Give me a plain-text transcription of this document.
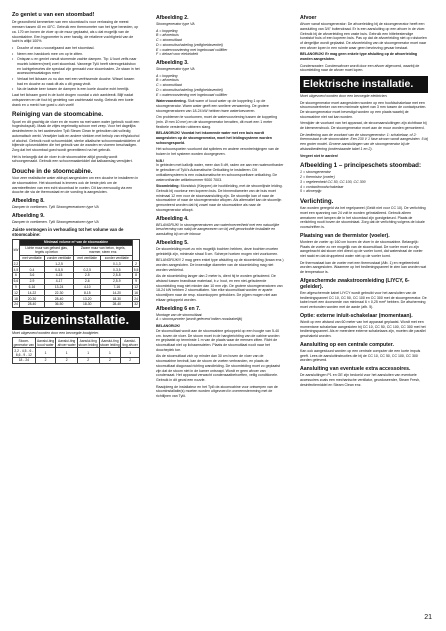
Zo geniet u van een stoombad!

De gezondheid kenmerken van een stoombad is voor verlossing de meest mensen tussen 40 en 40°C. Gebruik een thermometer van het type beneden, op ca. 170 cm boven de vloer op de muur geplaatst, als u dat mogelijk van de stoomkabine. Een hygrometer is zeer handig, de relatieve vochtigheid van de lucht is altijd 100%.

• Douche of was u voorafgaand aan het stoombad.
• Neem een handdoek mee om op te zitten.
• Ontspan u en geniet vanuit stomende zachte dampen. Tip: U kunt zelfs naar muziek luisteren(met) zoet stoombad. Vanwege Tylö heeft stereogeluidsbox en luchtgebeurtes die speciaal zijn gemaakt voor stoombaden. Ze staan in het accessoirescatalogus mee!
• Verlaat het lichaam zo nu dan met een verfrissende douche. Wissel tussen bad en douche zo vaak dit als u dit graag vindt.
• Na de laatste keer tussen de dampen is een koele douche echt heerlijk.

Laat het lichaam goed in de lucht drogen voordat u zich aankleedt. Blijf nadat ontspannen en de fout bij genieting van zachtmaakt rustig. Gebruik een koele drank en u merkt hoe goed u zich voelt!

Reiniging van de stoomcabine.

Spoel en dit grachtig de vloer en de muren na met warm water (gebruik nooit een hogedrukspuit). Maak de zitjes regelmatig schoon met zeep. Voor het dagelijks desinfecteren is het aanbevolen Tylö Steam Clean te gebruiken dat volledig automatisch werkt. Verwijder kalk en andere vlekken met behulp van ethylalcohol of alcohol. Gebruik nooit schuurmiddel, sterke alkalische schoonmaakmiddelen of bijtende oplosmiddelen die het gebruik van de wanden en vloeren beschadigen. Zorg dat het stoombad goed wordt geventileerd na het gebruik.

Het is belangrijk dat de vloer in de stoomcabine altijd grondig wordt schoongemaakt. Gebruik een schoonmaakmiddel dat kalkaanslag verwijdert.

Douche in de stoomcabine.

Voor zeer realistische water afdrupt aangesloten om een douche te installeren in de stoomcabine. Het stoombad is immers ook de beste plek om de warmteeffecten van een echt stoombad te voelen. Dit kan eenvoudig via een douche die via de thermostaat en de voeding is aangesloten.

Afbeelding 8.

Dampen in voetbenen. Tylö Stoomgeneratoren type VA

Afbeelding 9.

Dampen in voetbenen. Tylö Stoomgeneratoren type VA

Juiste vermogen in verhouding tot het volume van de stoomcabine:
kW	Minimaal volume m³ van de stoomcabine				
	Lichte muur van gehard glas, tegels op beton		Zware muur van beton, tegels, marmer, steen enz.		
	met ventilatie	zonder ventilatie	met ventilatie	zonder ventilatie	
2,2		1-2,5		0-1,3	2
4,5	0-4	0-5,5	0-2,5	0-3,5	5,5
6	3-6	4-15	2-5	2,5-8	8
6,6	2-9	4-17	2-6	2,5-9	9
9	6-16	13-24	4-10	7-16	12
12	14-22	22-30	8-15	14-20	16
18	20-30	28-40	13-20	18-30	24
24	28-40	36-50	18-30	28-40	32
Buizeninstallatie.

Moet uitgevoerd worden door een bevoegde loodgieter.

Stoom-generator van	Aanslui-ting koud water	Aanslui-ting afvoer water	Aanslui-ting stoom leiding	Aanslui-ting stoom leiding	Aanslui-ting afvoer
2,2 - 4,5 - 6 - 6,6 - 9 - 12	1	1	1	1	1
18 - 24	2	2	2	2	2
Afbeelding 2.

Stoomgenerator type VA

A = koppeling

B = afvoerbuis

C = stoomuitlaat

D = stoomuitschakeling (veiligheidsventiel)

E = watervoorziening met ingebouwd vuilfilter

F = deksel voor elektriciteit

Afbeelding 3.

Stoomgenerator type VA

A = koppeling

B = afvoerbuis

C = stoomuitlaat

D = stoomuitschakeling (veiligheidsventiel)

E = watervoorziening met ingebouwd vuilfilter

Watervoorziening. Sluit warm of koud water op de koppeling 1 op de stoomgenerator. Warm water geeft een snellere verwarming. De grotere stoomgeneratoren van 18-24 kW hebben twee watertoevoeren.

Om problemen te voorkomen, moet de watervoorziening tussen de koppeling (min. Ø mm 10 mm) en de stoomgenerator bevatten, dit moet een 1 meter flexibele versterkte rubberen slang.

BELANGRIJK! Voordat het inkomende water met een buis wordt aangesloten op de stoomgenerator, moet het leidingsysteem worden schoongespoeld.

Het schoonspoelen voorkomt dat splinters en andere verontreinigingen van de buizen in het systeem worden doorgegeven.

N.B.!

In gebieden met kalkrijk water, meer dan 5 dH, raden we aan een waterontharder te gebruiken of Tylö's Automatische Ontkalking te installeren. Dit ontkalkersysteem is een volautomatische en schoonspoelbare ontkalking. De waterontharder artikelnummer 9000 7003.

Stoomleiding: Mondstuk (Kleppen) de hoofdleiding, met de stroomlijnde leiding. Gebruik bij voorkeur een koperen buis. De binnendiameter van de buis moet minimaal 12 mm voor de stoomaansluiting zijn. De stoomlijn kan of naar de stoomcabine of naar de stoomgenerator aflopen. Als alternatief kan de stoomlijn gemonteerd worden dat hij zowel naar de stoomcabine als naar de stoomgenerator afloopt.

Afbeelding 4.

BELANGRIJK! In stoomgeneratoren van waterhoeveelheid met een natuurlijke bescherming van nabij de aangewezen om bij zelf-geoorloofde installatie en aansluiting bij om de inbouw

Afbeelding 5.

De stoomleiding moet zo min mogelijk bochten hebben, deze bochten moeten geleidelijk zijn, minimale straal 5 cm. Scherpe hoeken mogen niet voorkomen.

BELANGRIJK!!! 2 mag geen enkel type afsluiting op de stoomleiding (kraan enz.) worden aangesloten. De inwendige diameter van de stoomleiding mag niet worden verkleind.

Als de stoomleiding langer dan 2 meter is, dient hij te worden geïsoleerd. De afstand tussen brandbaar materiaal, b.v. hout, en een niet-geïsoleerde stoomleiding mag niet minder dan 10 mm zijn. De grotere stoomgeneratoren van 18-24 kW hebben 2 stoomuitlaten. Van elke stoomuitlaat worden er aparte stoomlijnen naar de resp. stoomkoppen getrokken. De pijpen mogen niet aan elkaar gekoppeld worden.

Afbeelding 6 en 7.

Montage van de stoomuitlaat.

A = stoomsproeier (wordt geleverd indien noodzakelijk)

BELANGRIJK!

De stoomuitlaat wordt aan de stoomcabine gekoppeld op een hoogte van 5-40 cm. boven de vloer. De stoom moet in de hangterichting van de cabine worden en geplaatst op tenminste 1 m van de plaats waar de mensen zitten. Richt de stoomuitlaat niet op lichaamsdelen. Plaats de stoomuitlaat nooit naar het doucheplek toe.

Als de stoomuitlaat zich op minder dan 30 cm boven de vloer van de stoomcabine bevindt, kan de stoom de voeten verbranden, en plaats de stoomuitlaat diagonaal richting wandleiding. De stoomleiding moet zo geplaatst zijn dat de stoom niet in de kamer ontsnapt. Wordt er geen afvoer van condensaat. Het apparaat verwacht condensaatbehoeften, veilig conditionele. Gebruik in dit geval een nozzle.

Raadpleeg de installateur en het Tylö de-stoomcabine voor ontwerpen van de stoominstallatie(s) moeten worden uitgevoerd in overeenstemming met de richtlijnen van Tylö.

Afvoer

Afvoer vanaf stoomgenerator: De afvoerleiding bij de stoomgenerator heeft een aansluiting van 3/4" buitendraad. Er is een aansluiting op een afvoer in de vloer. Gebruik bij de afvoerleiding een vaste buis. Gebruik een hittebestendige kunststof buis of een koperen buis. Pas op dat de afvoerleiding niet op rolstoelen of dergelijke wordt geplaatst. De afvoerleiding van de stoomgenerator moet naar een afvoer lopen in een ruimte waar geen bevriezing gevaar bestaat.

BELANGRIJK! Er mag geen enkele type afsluiting op de afvoerleiding worden aangesloten.

Condenswater: Condensafvoer wordt door een afvoer afgevoerd, waarbij de stoomleiding naar de afvoer moet lopen.

Elektrische installatie.

Moet uitgevoerd worden door een bevoegde elektricien.

De stoomgenerator moet aangesloten worden op een hoofdschakelaar met een stroomonderbreker van een minimale spleet van 3 mm tussen de contactpunten. De stroomgenerator moet bevestigd worden op een plaats waarbij de stoomcabine niet nat kan worden.

Verwijder de voorkant van het apparaat, de stroomaansluitingen zijn zichtbaar bij de klemmenstrook. De stoomgenerator moet aan de muur worden gemonteerd.

De bediening aan de voorkant van de stoomgenerator: 1: schakelaar, of 2: thermostaat in de stoomcabine. Een 230 V 1 fase stroom wordt aangesloten. 5 bij een groter model. Groene aansluitingen van de stoomgenerator bij de afstandbediening (onderstaande tabel 1 en 2).

Vergeet niet te aarden!

Afbeelding 1 – principeschets stoombad:

1 = stoomgenerator

2 = thermistor (voeler)

3 = regeleenheid CC 50, CC 100, CC 300

4 = contact/noodschakelaar

5 = afvoerpijp

Verlichting.

Kan worden geregeld via het regelpaneel (Geldt niet voor CC 10). De verlichting moet een spanning van 24 volt te worden geïnstalleerd. Gebruik alleen armaturen met lampen die in het stoombad zijn goedgekeurd. Plaats de verlichting nooit boven de stoominlaat. Zorg dat de verlichting volgens de lokale voorschriften is.

Plaatsing van de thermistor (voeler).

Monteer de voeler op 160 cm boven de vloer in de stoomcabine. Belangrijk: Plaats de voeler zo ver mogelijk van de stoomuitlaat. De voeler moet zo zijn aangebracht dat stoom niet direct op de voeler komt, dat waterstraal de voeler niet raakt en dat druppelend water niet op de voeler komt.

De thermostaat kan de voeler met een thermostaat (Afb. 1) en regeleenheid worden aangesloten. Waarmee op het bedieningspaneel te zien kan worden wat de temperatuur is.

Afgeschermde zwakstroomleiding (LIYCY, 6-geleider).

Een afgeschermde kabel LIYCY wordt gebruikt voor het aansluiten van de bedieningspaneel CC 10, CC 50, CC 100 en CC 300 met de stoomgenerator. De kabel moet een doorsnede van minimaal 6 × 0,25 mm² hebben. De afscherming moet verbonden worden met de aarde (afb. 5).

Optie: externe in/uit-schakelaar (momentaan).

Wordt op een afstand van 60 meter van het apparaat geplaatst. Wordt met een momentane schakelaar aangesloten bij CC 10, CC 50, CC 100, CC 300 met het bedieningspaneel. Als er meerdere externe schakelaars zijn, moeten die parallel geschakeld worden.

Aansluiting op een centrale computer.

Kan ook aangestuurd worden op een centrale computer die een korte impuls geeft. Lees de aansluitinstructies die bij de CC 10, CC 50, CC 100, CC 300 worden geleverd.

Aansluiting van eventuele extra accessoires.

De aansluitingen P1 en GE zijn bedoeld voor het aansluiten van eventuele accessoires zoals een mechanische ventilator, geurdoseerder, Steam Fresh, desinfectiemiddel en Steam Clean enz.

21
